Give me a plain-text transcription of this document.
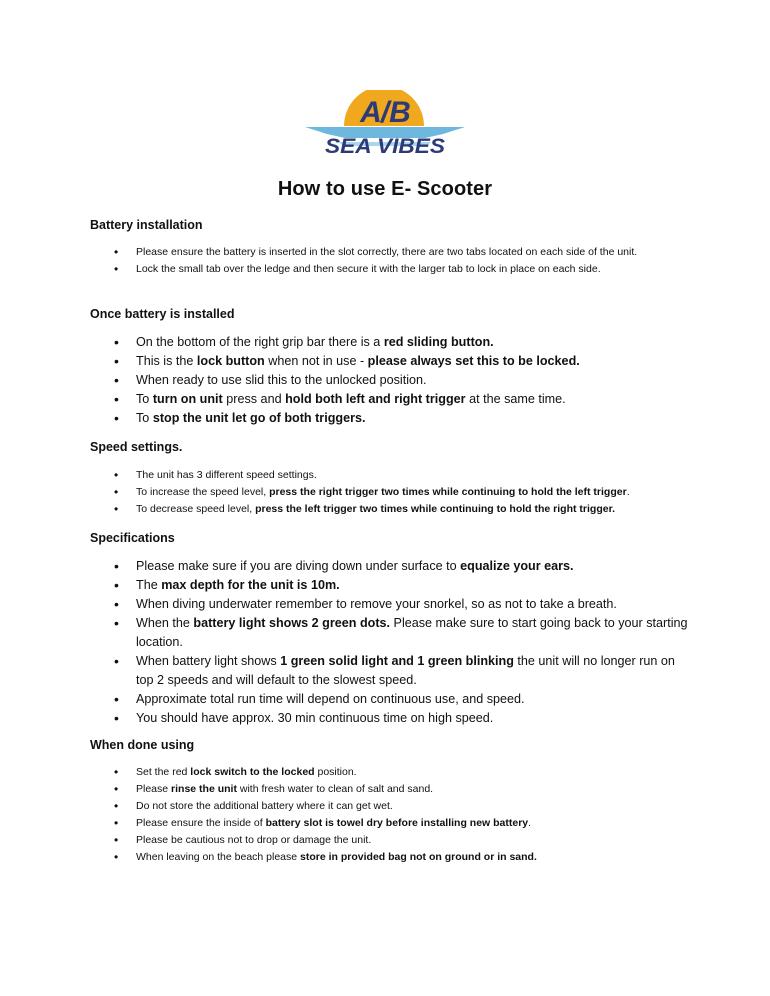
A
/ B
SEA VIBES
How to use E- Scooter
Battery installation
• Please ensure the battery is inserted in the slot correctly, there are two tabs located on each side of the unit.
• Lock the small tab over the ledge and then secure it with the larger tab to lock in place on each side.
Once battery is installed
• On the bottom of the right grip bar there is a red sliding button.
• This is the lock button when not in use - please always set this to be locked.
• When ready to use slid this to the unlocked position.
• To turn on unit press and hold both left and right trigger at the same time.
• To stop the unit let go of both triggers.
Speed settings.
• The unit has 3 different speed settings.
• To increase the speed level, press the right trigger two times while continuing to hold the left trigger.
• To decrease speed level, press the left trigger two times while continuing to hold the right trigger.
Specifications
• Please make sure if you are diving down under surface to equalize your ears.
• The max depth for the unit is 10m.
• When diving underwater remember to remove your snorkel, so as not to take a breath.
• When the battery light shows 2 green dots. Please make sure to start going back to your starting location.
• When battery light shows 1 green solid light and 1 green blinking the unit will no longer run on top 2 speeds and will default to the slowest speed.
• Approximate total run time will depend on continuous use, and speed.
• You should have approx. 30 min continuous time on high speed.
When done using
• Set the red lock switch to the locked position.
• Please rinse the unit with fresh water to clean of salt and sand.
• Do not store the additional battery where it can get wet.
• Please ensure the inside of battery slot is towel dry before installing new battery.
• Please be cautious not to drop or damage the unit.
• When leaving on the beach please store in provided bag not on ground or in sand.
